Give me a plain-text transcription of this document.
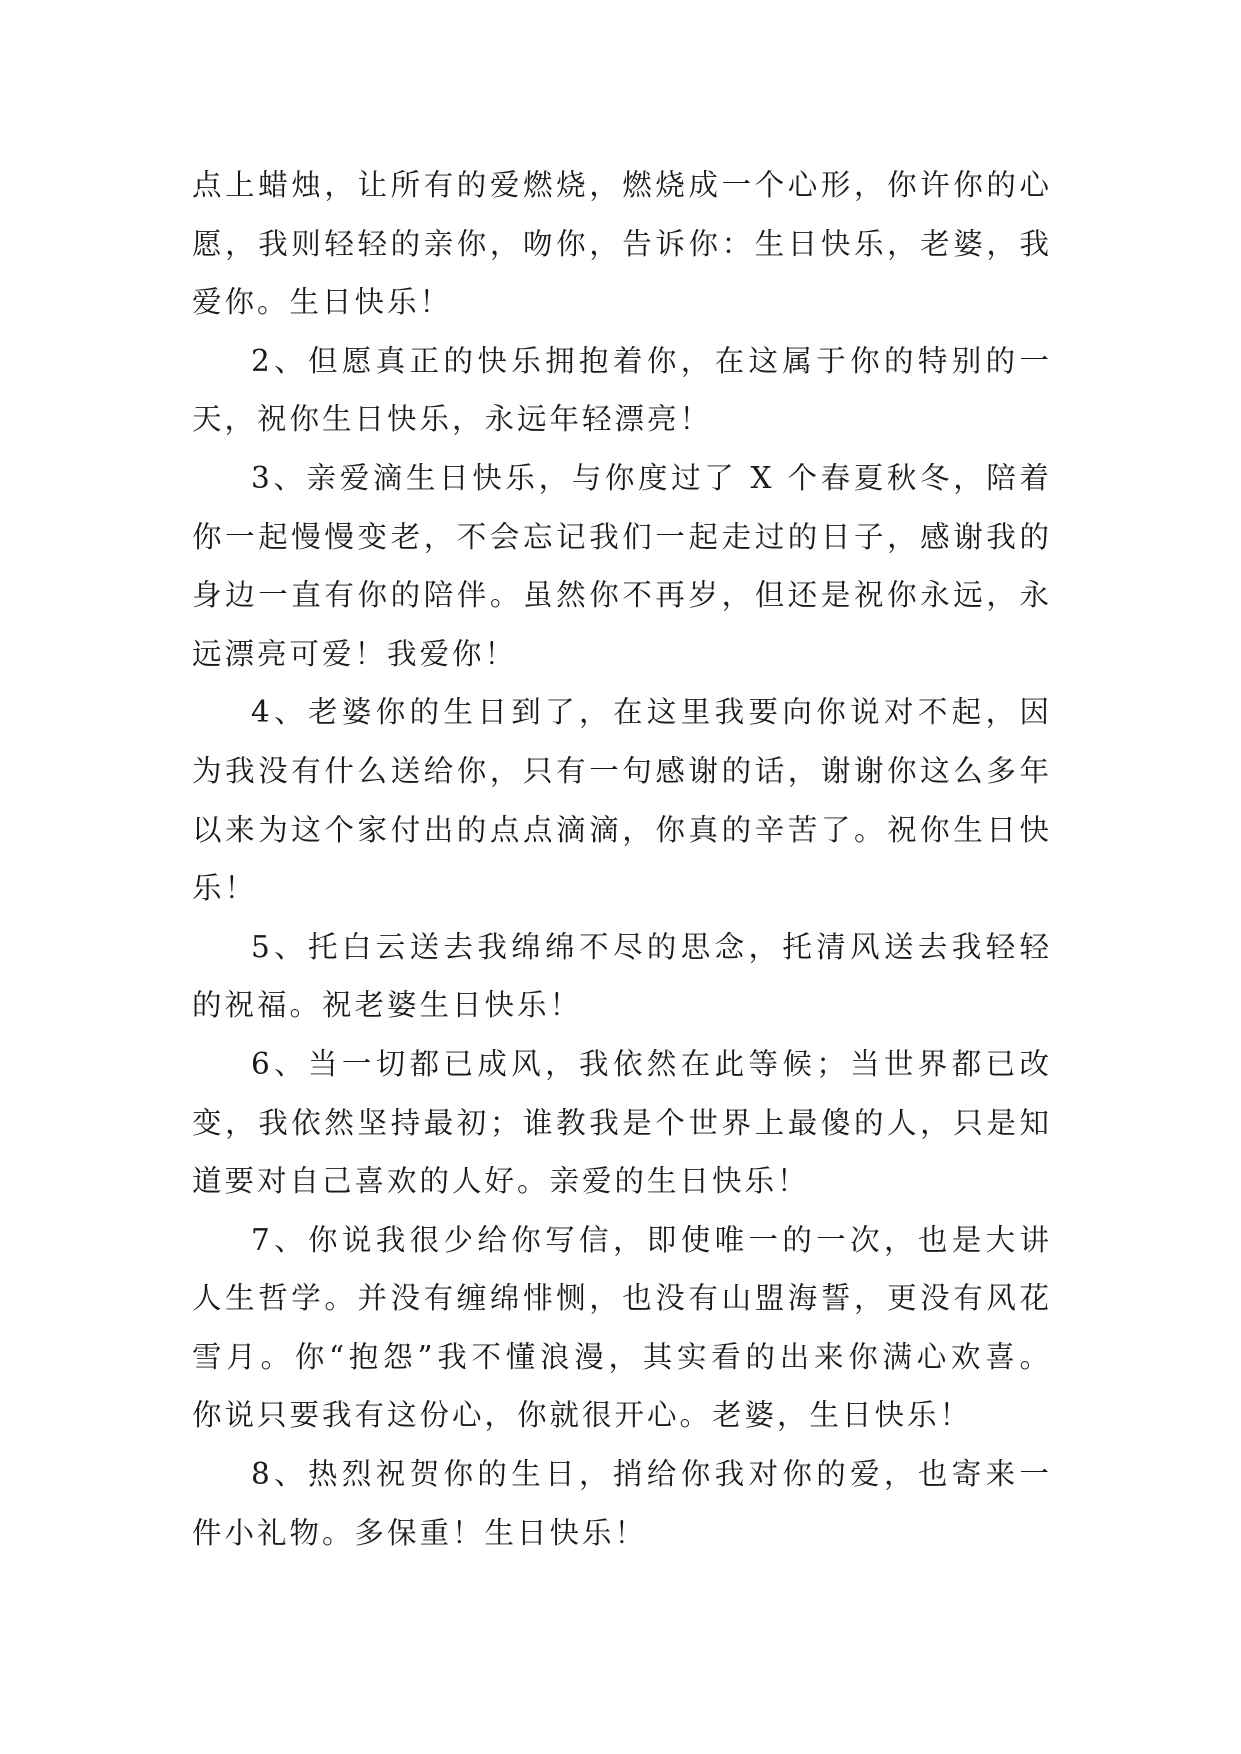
点上蜡烛，让所有的爱燃烧，燃烧成一个心形，你许你的心
愿，我则轻轻的亲你，吻你，告诉你：生日快乐，老婆，我
爱你。生日快乐！
2、但愿真正的快乐拥抱着你，在这属于你的特别的一
天，祝你生日快乐，永远年轻漂亮！
3、亲爱滴生日快乐，与你度过了 X 个春夏秋冬，陪着
你一起慢慢变老，不会忘记我们一起走过的日子，感谢我的
身边一直有你的陪伴。虽然你不再岁，但还是祝你永远，永
远漂亮可爱！我爱你！
4、老婆你的生日到了，在这里我要向你说对不起，因
为我没有什么送给你，只有一句感谢的话，谢谢你这么多年
以来为这个家付出的点点滴滴，你真的辛苦了。祝你生日快
乐！
5、托白云送去我绵绵不尽的思念，托清风送去我轻轻
的祝福。祝老婆生日快乐！
6、当一切都已成风，我依然在此等候；当世界都已改
变，我依然坚持最初；谁教我是个世界上最傻的人，只是知
道要对自己喜欢的人好。亲爱的生日快乐！
7、你说我很少给你写信，即使唯一的一次，也是大讲
人生哲学。并没有缠绵悱恻，也没有山盟海誓，更没有风花
雪月。你“抱怨”我不懂浪漫，其实看的出来你满心欢喜。
你说只要我有这份心，你就很开心。老婆，生日快乐！
8、热烈祝贺你的生日，捎给你我对你的爱，也寄来一
件小礼物。多保重！生日快乐！
